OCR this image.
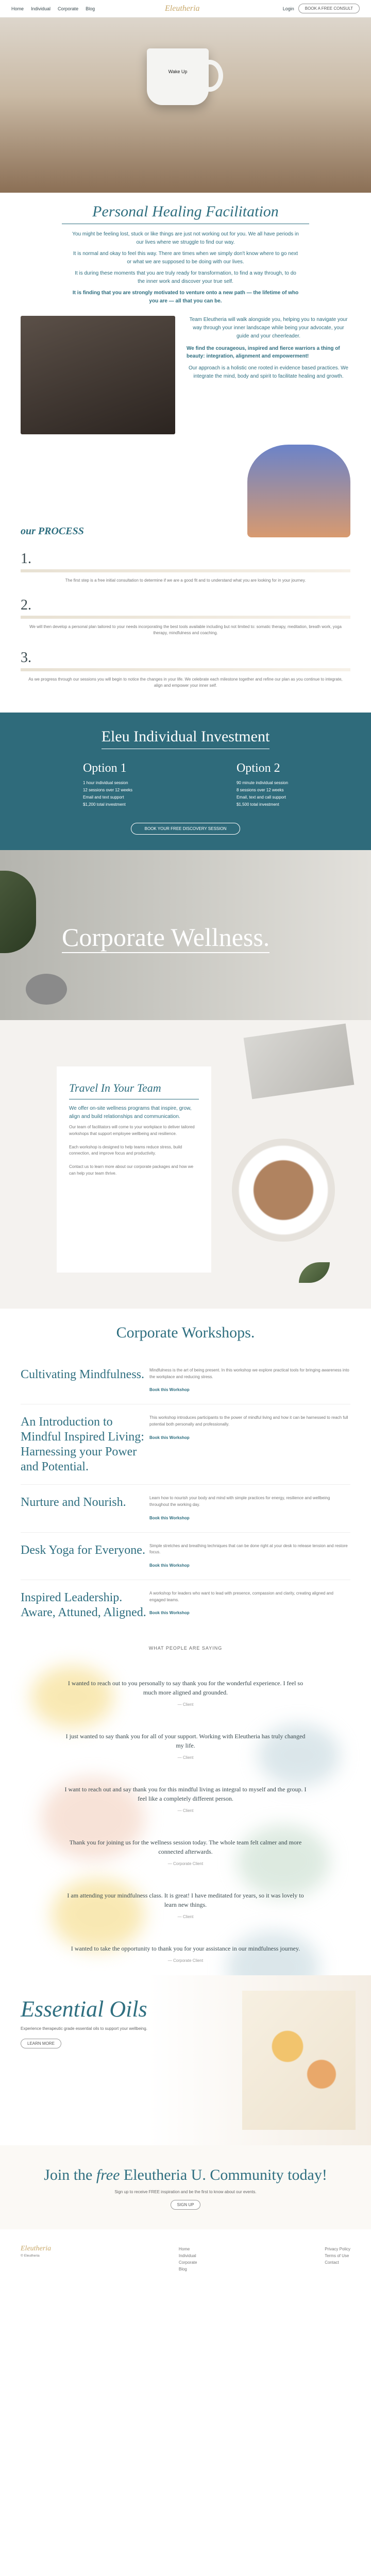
Home Individual Corporate Blog	Eleutheria	Login	BOOK A FREE CONSULT
Wake Up
Personal Healing Facilitation

You might be feeling lost, stuck or like things are just not working out for you. We all have periods in our lives where we struggle to find our way.

It is normal and okay to feel this way. There are times when we simply don't know where to go next or what we are supposed to be doing with our lives.

It is during these moments that you are truly ready for transformation, to find a way through, to do the inner work and discover your true self.

It is finding that you are strongly motivated to venture onto a new path — the lifetime of who you are — all that you can be.

Team Eleutheria will walk alongside you, helping you to navigate your way through your inner landscape while being your advocate, your guide and your cheerleader.

We find the courageous, inspired and fierce warriors a thing of beauty: integration, alignment and empowerment!

Our approach is a holistic one rooted in evidence based practices. We integrate the mind, body and spirit to facilitate healing and growth.

our PROCESS
1.

The first step is a free initial consultation to determine if we are a good fit and to understand what you are looking for in your journey.

2.

We will then develop a personal plan tailored to your needs incorporating the best tools available including but not limited to: somatic therapy, meditation, breath work, yoga therapy, mindfulness and coaching.

3.

As we progress through our sessions you will begin to notice the changes in your life. We celebrate each milestone together and refine our plan as you continue to integrate, align and empower your inner self.

Eleu Individual Investment
Option 1
1 hour individual session
12 sessions over 12 weeks
Email and text support
$1,200 total investment
Option 2
90 minute individual session
8 sessions over 12 weeks
Email, text and call support
$1,500 total investment
BOOK YOUR FREE DISCOVERY SESSION
Corporate Wellness.
Travel In Your Team

We offer on-site wellness programs that inspire, grow, align and build relationships and communication.

Our team of facilitators will come to your workplace to deliver tailored workshops that support employee wellbeing and resilience.

Each workshop is designed to help teams reduce stress, build connection, and improve focus and productivity.

Contact us to learn more about our corporate packages and how we can help your team thrive.

Corporate Workshops.
Cultivating Mindfulness.	Mindfulness is the art of being present. In this workshop we explore practical tools for bringing awareness into the workplace and reducing stress.

Book this Workshop
An Introduction to Mindful Inspired Living: Harnessing your Power and Potential.

This workshop introduces participants to the power of mindful living and how it can be harnessed to reach full potential both personally and professionally.

Book this Workshop
Nurture and Nourish.	Learn how to nourish your body and mind with simple practices for energy, resilience and wellbeing throughout the working day.

Book this Workshop
Desk Yoga for Everyone.	Simple stretches and breathing techniques that can be done right at your desk to release tension and restore focus.

Book this Workshop
Inspired Leadership. Aware, Attuned, Aligned.

A workshop for leaders who want to lead with presence, compassion and clarity, creating aligned and engaged teams.

Book this Workshop
WHAT PEOPLE ARE SAYING

I wanted to reach out to you personally to say thank you for the wonderful experience. I feel so much more aligned and grounded.

— Client

I just wanted to say thank you for all of your support. Working with Eleutheria has truly changed my life.

— Client

I want to reach out and say thank you for this mindful living as integral to myself and the group. I feel like a completely different person.

— Client

Thank you for joining us for the wellness session today. The whole team felt calmer and more connected afterwards.

— Corporate Client

I am attending your mindfulness class. It is great! I have meditated for years, so it was lovely to learn new things.

— Client

I wanted to take the opportunity to thank you for your assistance in our mindfulness journey.

— Corporate Client
Essential Oils

Experience therapeutic grade essential oils to support your wellbeing.

LEARN MORE
Join the free Eleutheria U. Community today!

Sign up to receive FREE inspiration and be the first to know about our events.

SIGN UP
Eleutheria
© Eleutheria
Home
Individual
Corporate
Blog
Privacy Policy
Terms of Use
Contact
